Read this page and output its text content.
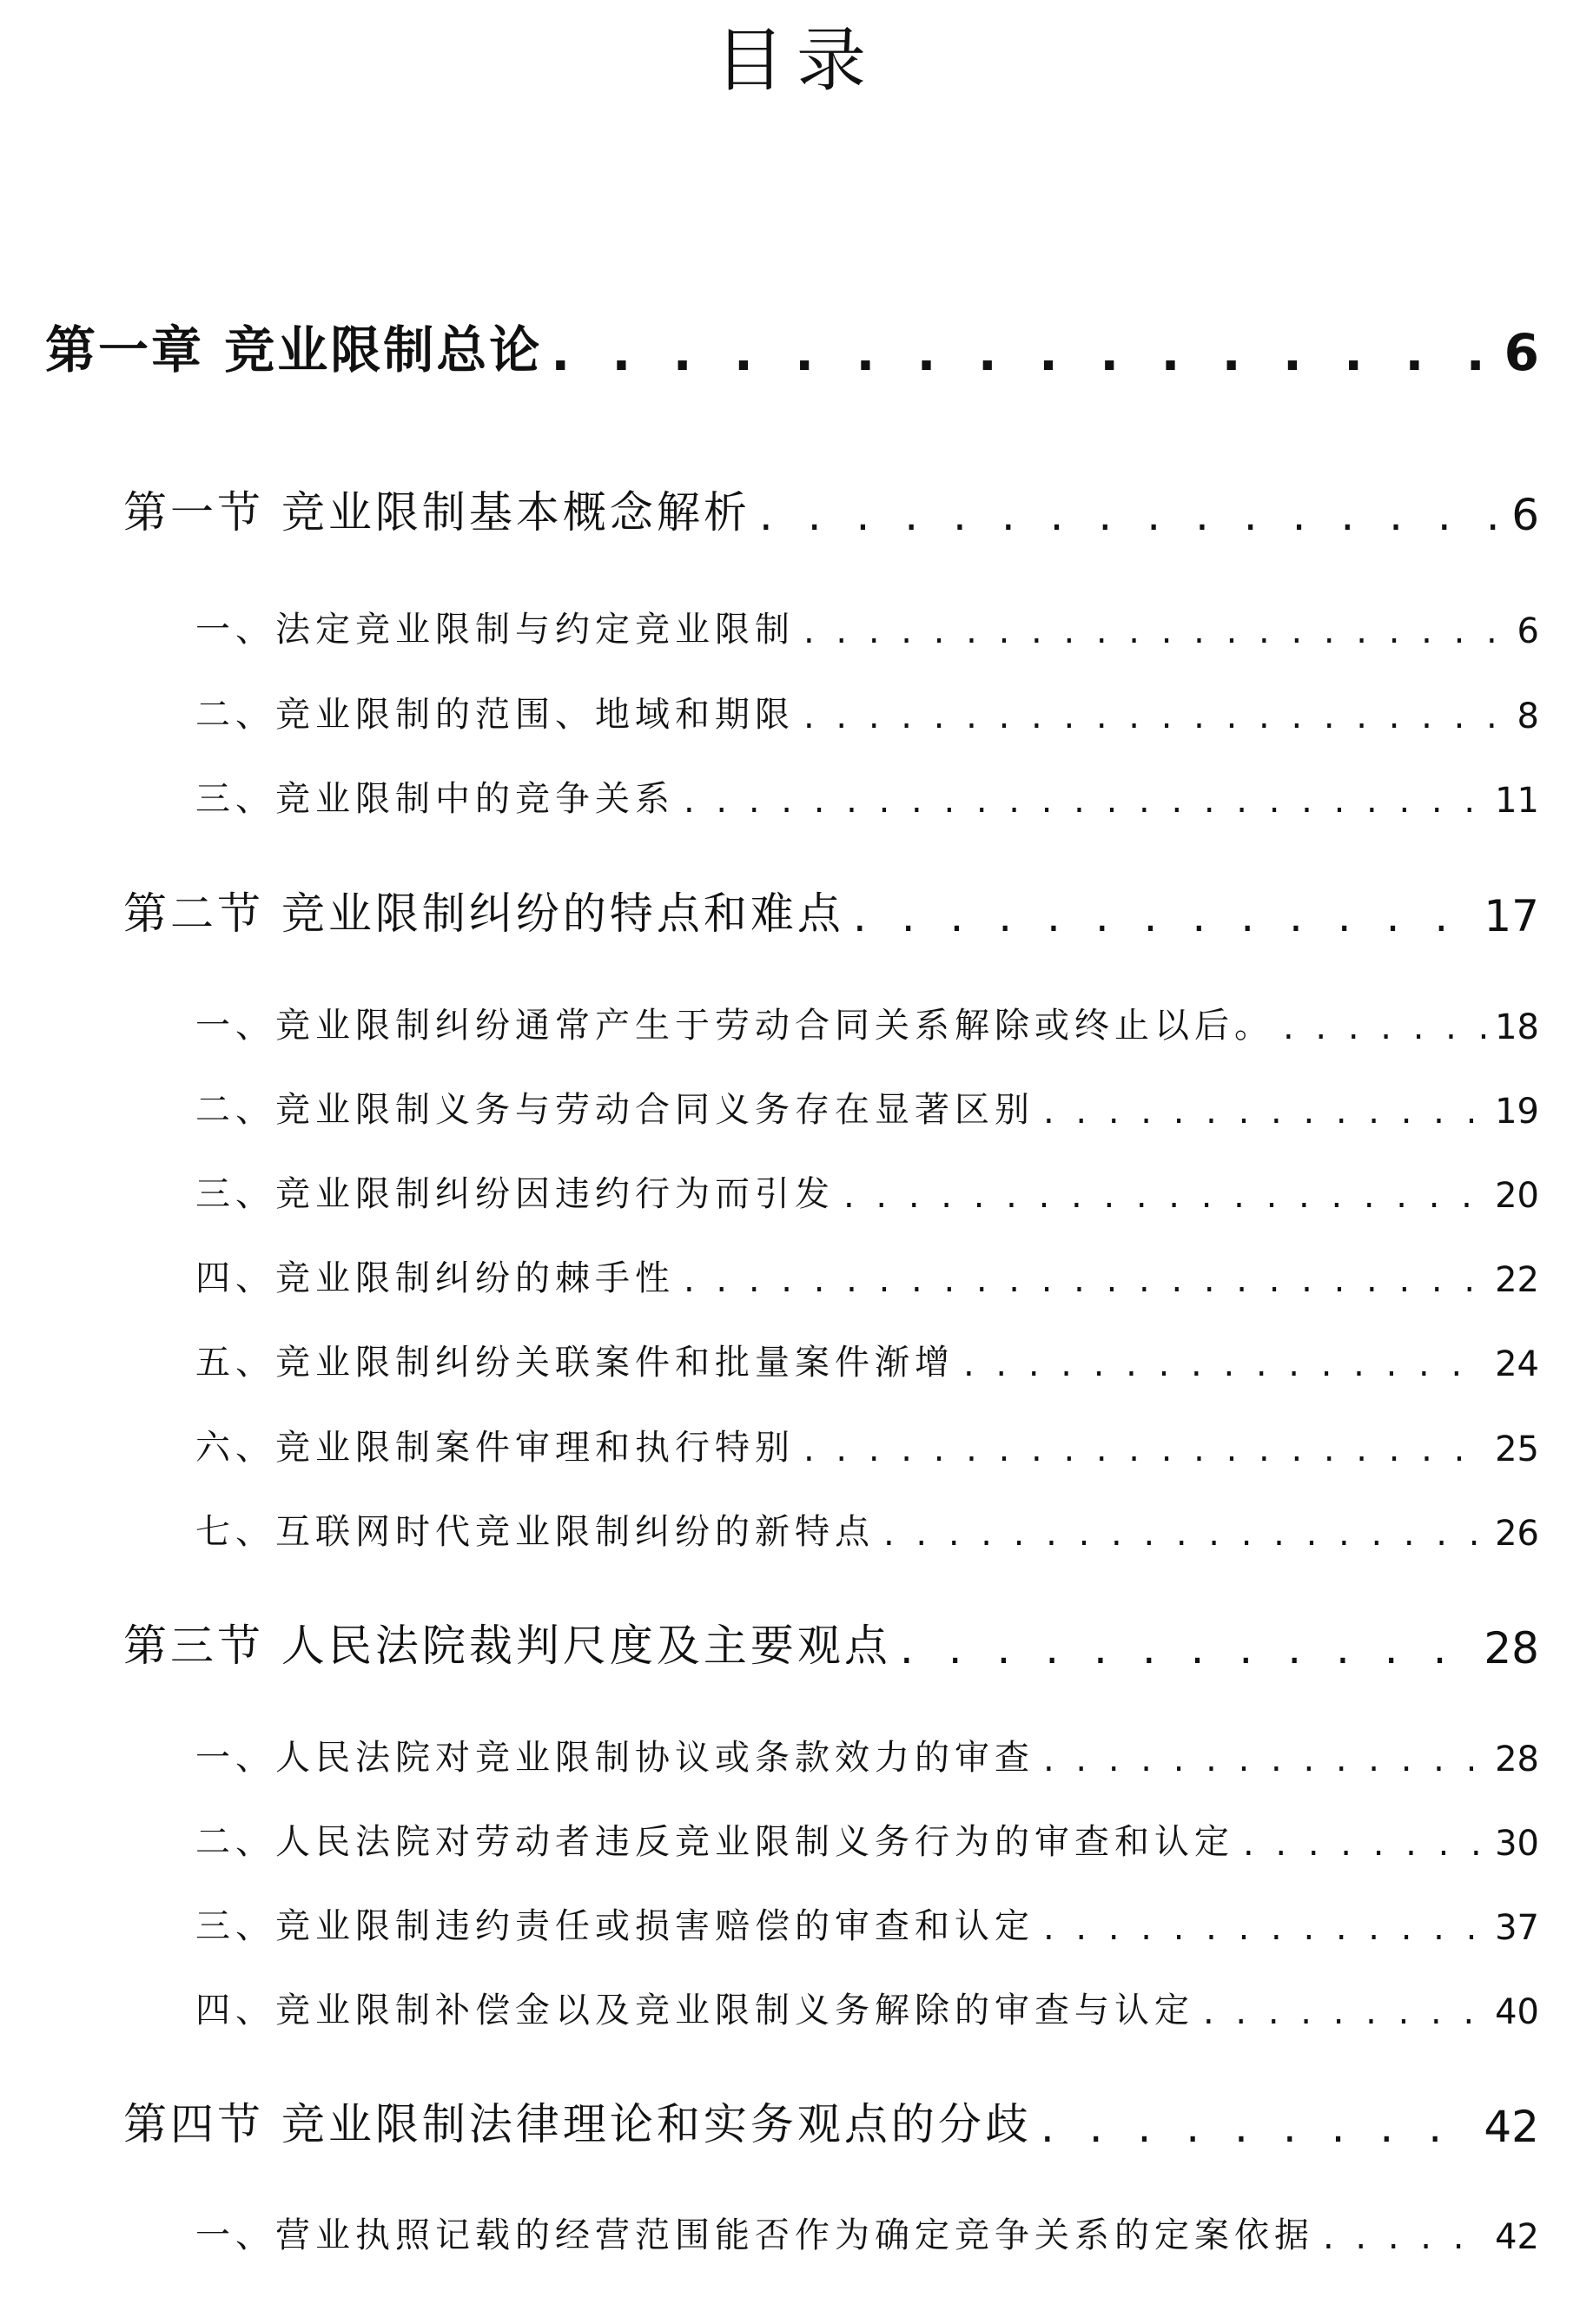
目录
第一章 竞业限制总论 . . .	6
第一节 竞业限制基本概念解析 . . .	6
一、法定竞业限制与约定竞业限制 . . .	6
二、竞业限制的范围、地域和期限 . . .	8
三、竞业限制中的竞争关系 . . .	11
第二节 竞业限制纠纷的特点和难点 . . .	17
一、竞业限制纠纷通常产生于劳动合同关系解除或终止以后。 . . .	18
二、竞业限制义务与劳动合同义务存在显著区别 . . .	19
三、竞业限制纠纷因违约行为而引发 . . .	20
四、竞业限制纠纷的棘手性 . . .	22
五、竞业限制纠纷关联案件和批量案件渐增 . . .	24
六、竞业限制案件审理和执行特别 . . .	25
七、互联网时代竞业限制纠纷的新特点 . . .	26
第三节 人民法院裁判尺度及主要观点 . . .	28
一、人民法院对竞业限制协议或条款效力的审查 . . .	28
二、人民法院对劳动者违反竞业限制义务行为的审查和认定 . . .	30
三、竞业限制违约责任或损害赔偿的审查和认定 . . .	37
四、竞业限制补偿金以及竞业限制义务解除的审查与认定 . . .	40
第四节 竞业限制法律理论和实务观点的分歧 . . .	42
一、营业执照记载的经营范围能否作为确定竞争关系的定案依据 . . .	42
